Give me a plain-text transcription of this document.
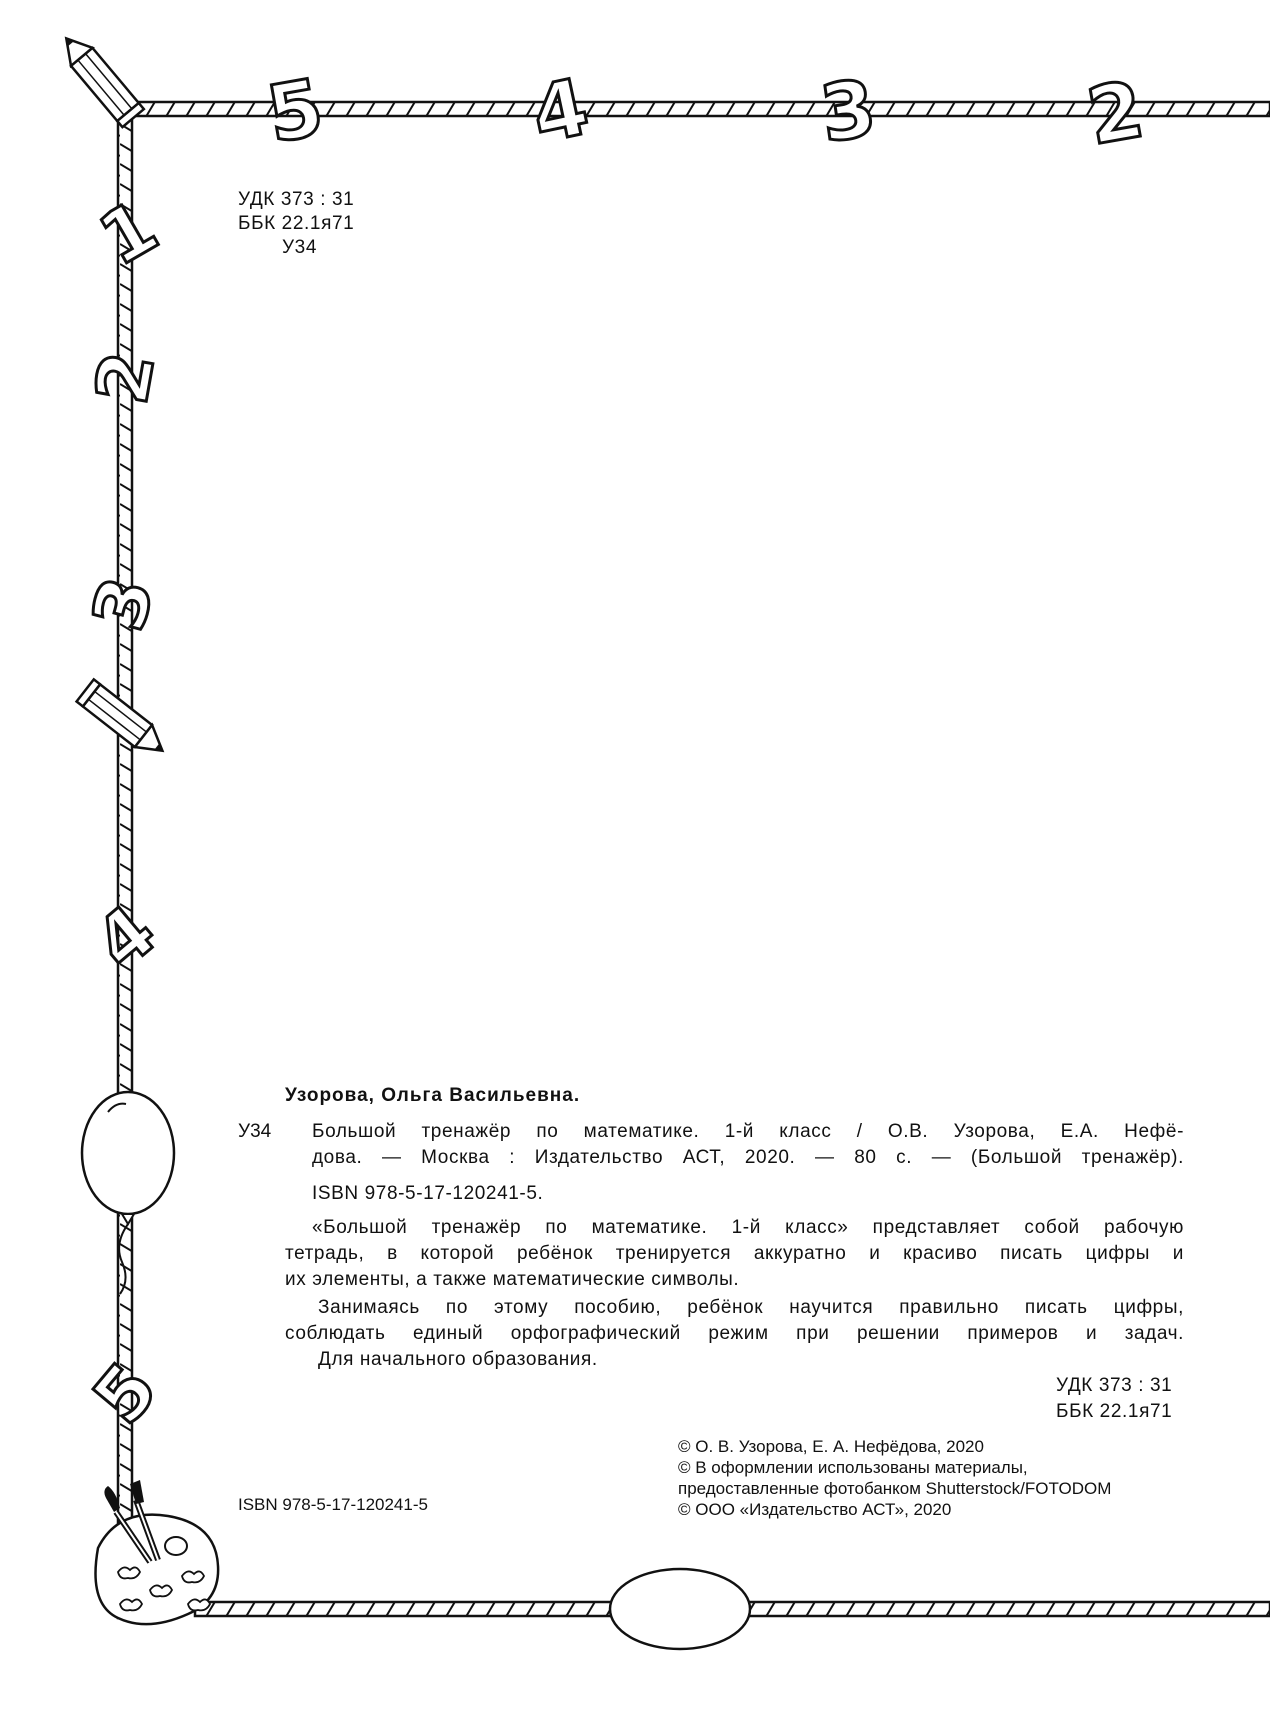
5 4	3	2
1
2
3
4
5

УДК 373 : 31

ББК 22.1я71

У34

Узорова, Ольга Васильевна.

У34 Большой тренажёр по математике. 1-й класс / О.В. Узорова, Е.А. Нефё-

дова. — Москва : Издательство АСТ, 2020. — 80 с. — (Большой тренажёр).

ISBN 978-5-17-120241-5.

«Большой тренажёр по математике. 1-й класс» представляет собой рабочую

тетрадь, в которой ребёнок тренируется аккуратно и красиво писать цифры и

их элементы, а также математические символы.

Занимаясь по этому пособию, ребёнок научится правильно писать цифры,

соблюдать единый орфографический режим при решении примеров и задач.

Для начального образования.

УДК 373 : 31

ББК 22.1я71

ISBN 978-5-17-120241-5

© О. В. Узорова, Е. А. Нефёдова, 2020

© В оформлении использованы материалы,

предоставленные фотобанком Shutterstock/FOTODOM

© ООО «Издательство АСТ», 2020
